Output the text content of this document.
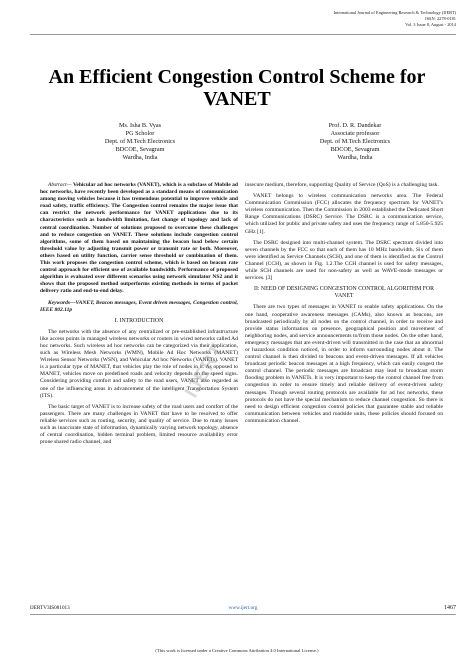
International Journal of Engineering Research & Technology (IJERT)
ISSN: 2278-0181
Vol. 3 Issue 8, August - 2014
An Efficient Congestion Control Scheme for
VANET
Ms. Isha B. Vyas
PG Scholor
Dept. of M.Tech Electronics
BDCOE, Sevagram
Wardha, India
Prof. D. R. Dandekar
Associate professor
Dept. of M.Tech Electronics
BDCOE, Sevagram
Wardha, India

Abstract— Vehicular ad hoc networks (VANET), which is a subclass of Mobile ad hoc networks, have recently been developed as a standard means of communication among moving vehicles because it has tremendous potential to improve vehicle and road safety, traffic efficiency. The Congestion control remains the major issue that can restrict the network performance for VANET applications due to its characteristics such as bandwidth limitation, fast change of topology and lack of central coordination. Number of solutions proposed to overcome these challenges and to reduce congestion on VANET. These solutions include congestion control algorithms, some of them based on maintaining the beacon load below certain threshold value by adjusting transmit power or transmit rate or both. Moreover, others based on utility function, carrier sense threshold or combination of them. This work proposes the congestion control scheme, which is based on beacon rate control approach for efficient use of available bandwidth. Performance of proposed algorithm is evaluated over different scenarios using network simulator NS2 and it shows that the proposed method outperforms existing methods in terms of packet delivery ratio and end-to-end delay.

Keywords—VANET, Beacon messages, Event driven messages, Congestion control, IEEE 802.11p

I. INTRODUCTION

The networks with the absence of any centralized or pre-established infrastructure like access points in managed wireless networks or routers in wired networks called Ad hoc networks. Such wireless ad hoc networks can be categorized via their application, such as Wireless Mesh Networks (WMN), Mobile Ad Hoc Networks (MANET) Wireless Sensor Networks (WSN), and Vehicular Ad hoc Networks (VANETs). VANET is a particular type of MANET, that vehicles play the role of nodes in it. As opposed to MANET, vehicles move on predefined roads and velocity depends on the speed signs. Considering providing comfort and safety to the road users, VANET also regarded as one of the influencing areas in advancement of the intelligent Transportation System (ITS).

The basic target of VANET is to increase safety of the road users and comfort of the passengers. There are many challenges in VANET that have to be resolved to offer reliable services such as routing, security, and quality of service. Due to many issues such as inaccurate state of information, dynamically varying network topology, absence of central coordination, hidden terminal problem, limited resource availability error prone shared radio channel, and

insecure medium, therefore, supporting Quality of Service (QoS) is a challenging task.

VANET belongs to wireless communication networks area. The Federal Communication Commission (FCC) allocates the frequency spectrum for VANET's wireless communication. Then the Commission in 2003 established the Dedicated Short Range Communications (DSRC) Service. The DSRC is a communication service, which utilized for public and private safety and uses the frequency range of 5.850-5.925 GHz [1].

The DSRC designed into multi-channel system. The DSRC spectrum divided into seven channels by the FCC so that each of them has 10 MHz bandwidth. Six of them were identified as Service Channels (SCH), and one of them is identified as the Control Channel (CCH), as shown in Fig. 1.2.The CCH channel is used for safety messages, while SCH channels are used for non-safety as well as WAVE-mode messages or services. [3]

II: NEED OF DESIGNING CONGESTION CONTROL ALGORITHM FOR VANET

There are two types of messages in VANET to enable safety applications. On the one hand, cooperative awareness messages (CAMs), also known as beacons, are broadcasted periodically by all nodes on the control channel, in order to receive and provide status information on presence, geographical position and movement of neighboring nodes, and service announcements to/from those nodes. On the other hand, emergency messages that are event-driven will transmitted in the case that an abnormal or hazardous condition noticed, in order to inform surrounding nodes about it. The control channel is then divided to beacons and event-driven messages. If all vehicles broadcast periodic beacon messages at a high frequency, which can easily congest the control channel. The periodic messages are broadcast may lead to broadcast storm flooding problem in VANETs. It is very important to keep the control channel free from congestion in order to ensure timely and reliable delivery of event-driven safety messages. Though several routing protocols are available for ad hoc networks, these protocols do not have the special mechanism to reduce channel congestion. So there is need to design efficient congestion control policies that guarantee stable and reliable communication between vehicles and roadside units, these policies should focused on communication channel.

IJERT
IJERTV3IS081013	www.ijert.org	1467
(This work is licensed under a Creative Commons Attribution 4.0 International License.)
